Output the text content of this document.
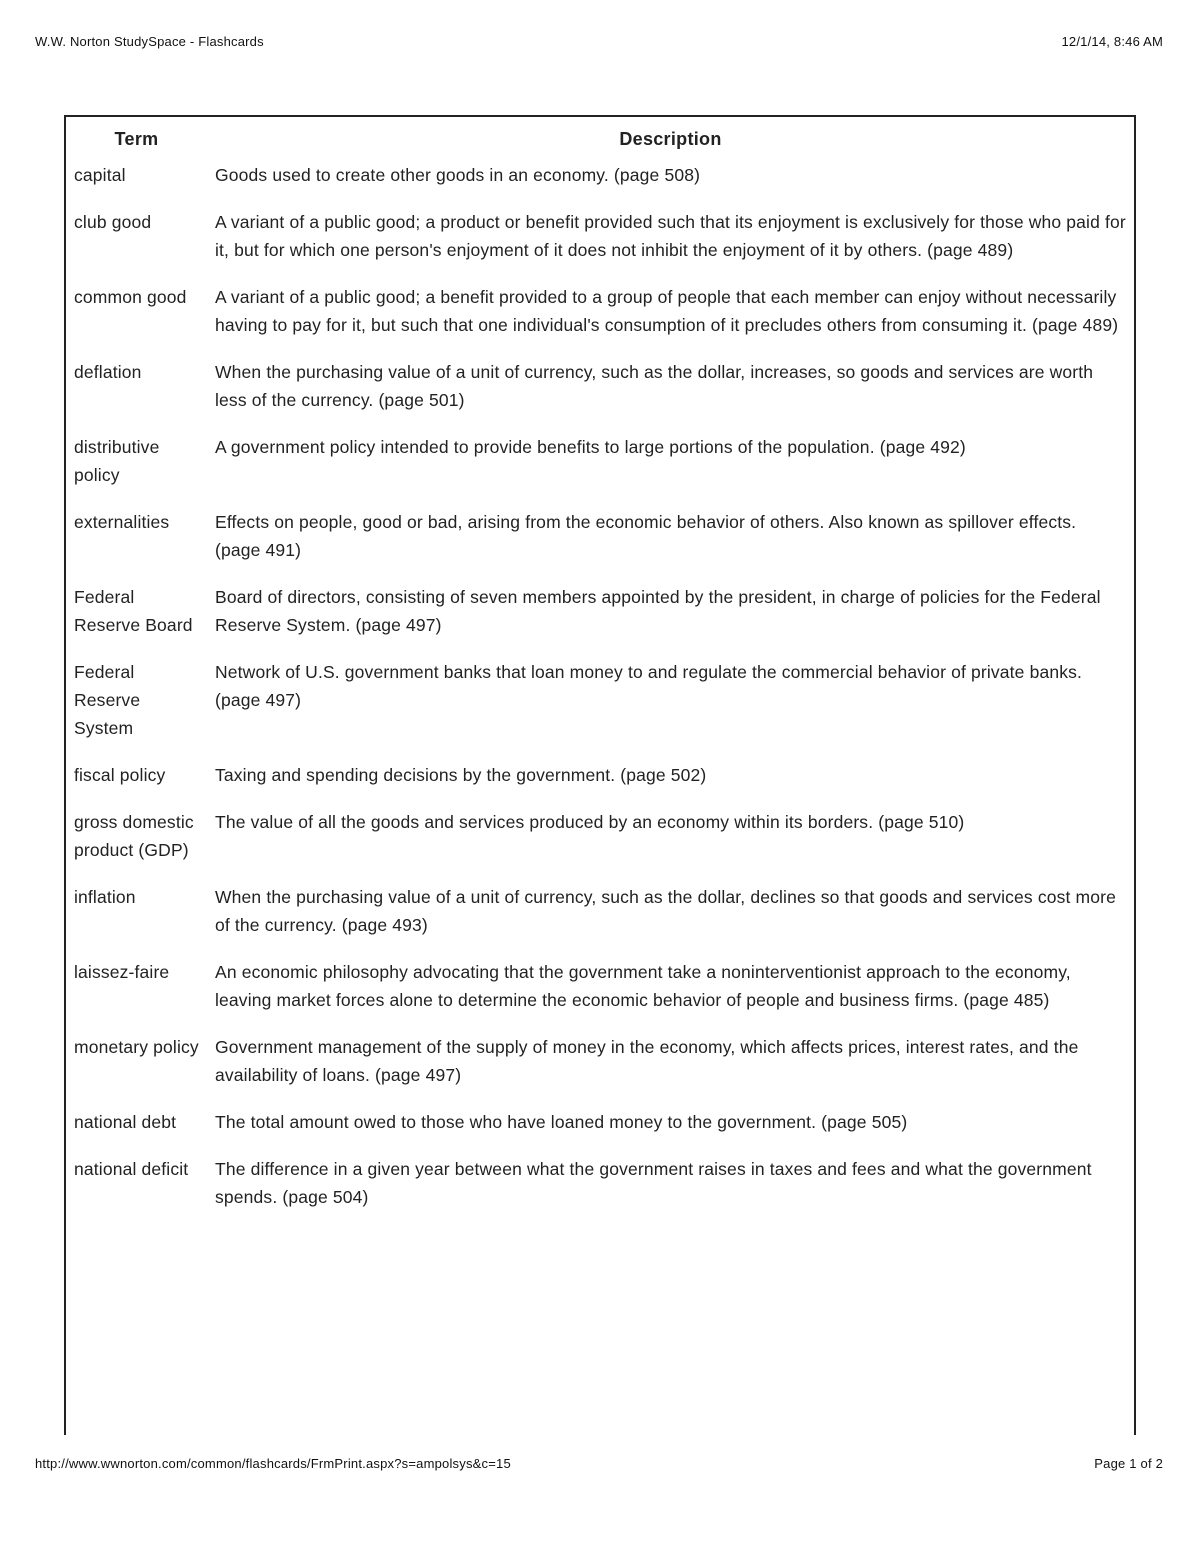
W.W. Norton StudySpace - Flashcards	12/1/14, 8:46 AM
Term	Description
capital	Goods used to create other goods in an economy. (page 508)
club good	A variant of a public good; a product or benefit provided such that its enjoyment is exclusively for those who paid for it, but for which one person's enjoyment of it does not inhibit the enjoyment of it by others. (page 489)
common good	A variant of a public good; a benefit provided to a group of people that each member can enjoy without necessarily having to pay for it, but such that one individual's consumption of it precludes others from consuming it. (page 489)
deflation	When the purchasing value of a unit of currency, such as the dollar, increases, so goods and services are worth less of the currency. (page 501)
distributive policy	A government policy intended to provide benefits to large portions of the population. (page 492)
externalities	Effects on people, good or bad, arising from the economic behavior of others. Also known as spillover effects. (page 491)
Federal Reserve Board	Board of directors, consisting of seven members appointed by the president, in charge of policies for the Federal Reserve System. (page 497)
Federal Reserve System	Network of U.S. government banks that loan money to and regulate the commercial behavior of private banks. (page 497)
fiscal policy	Taxing and spending decisions by the government. (page 502)
gross domestic product (GDP)	The value of all the goods and services produced by an economy within its borders. (page 510)
inflation	When the purchasing value of a unit of currency, such as the dollar, declines so that goods and services cost more of the currency. (page 493)
laissez-faire	An economic philosophy advocating that the government take a noninterventionist approach to the economy, leaving market forces alone to determine the economic behavior of people and business firms. (page 485)
monetary policy	Government management of the supply of money in the economy, which affects prices, interest rates, and the availability of loans. (page 497)
national debt	The total amount owed to those who have loaned money to the government. (page 505)
national deficit	The difference in a given year between what the government raises in taxes and fees and what the government spends. (page 504)
http://www.wwnorton.com/common/flashcards/FrmPrint.aspx?s=ampolsys&c=15	Page 1 of 2
